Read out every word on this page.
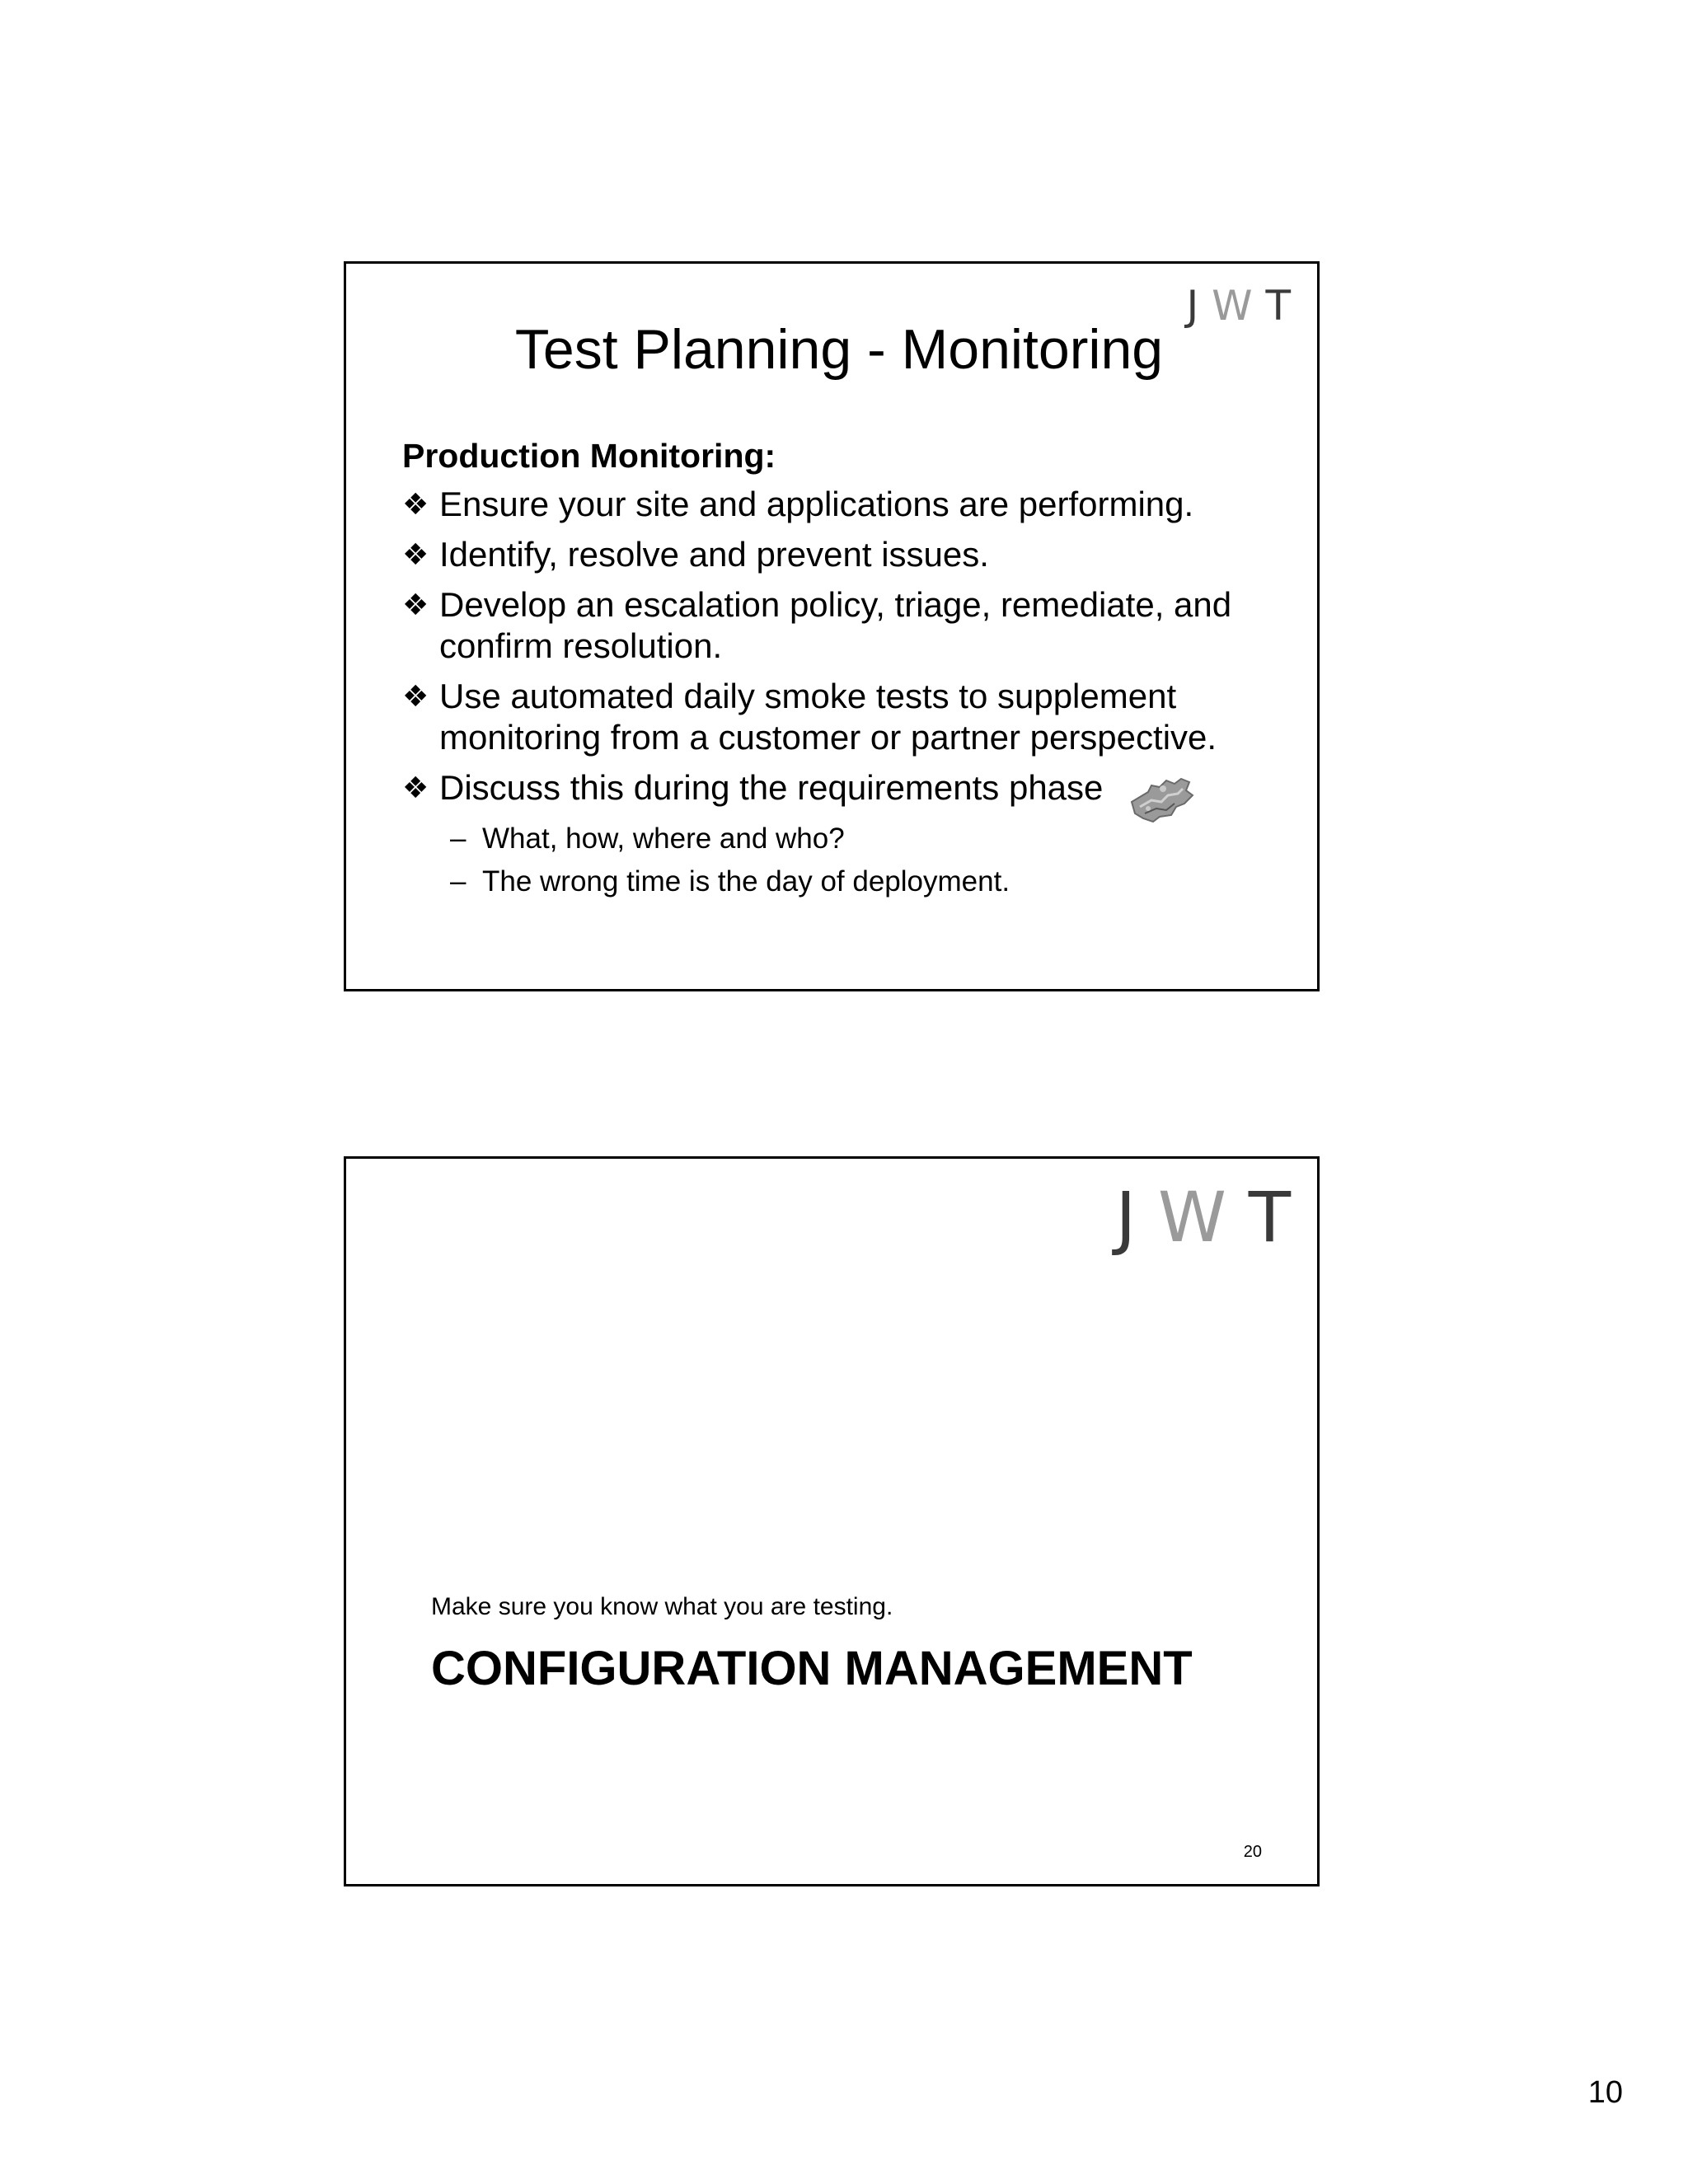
J W T
Test Planning - Monitoring
Production Monitoring:
❖ Ensure your site and applications are performing.
❖ Identify, resolve and prevent issues.
❖ Develop an escalation policy, triage, remediate, and confirm resolution.
❖ Use automated daily smoke tests to supplement monitoring from a customer or partner perspective.
❖ Discuss this during the requirements phase
– What, how, where and who?
– The wrong time is the day of deployment.
J W T
Make sure you know what you are testing.
CONFIGURATION MANAGEMENT
20
10
